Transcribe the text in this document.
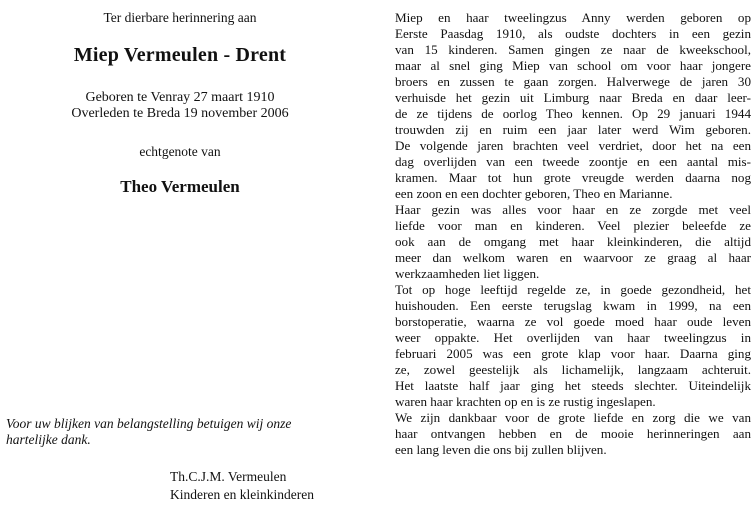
Ter dierbare herinnering aan
Miep Vermeulen - Drent
Geboren te Venray 27 maart 1910
Overleden te Breda 19 november 2006
echtgenote van
Theo Vermeulen
Voor uw blijken van belangstelling betuigen wij onze
hartelijke dank.
Th.C.J.M. Vermeulen
Kinderen en kleinkinderen

Miep en haar tweelingzus Anny werden geboren op
Eerste Paasdag 1910, als oudste dochters in een gezin
van 15 kinderen. Samen gingen ze naar de kweekschool,
maar al snel ging Miep van school om voor haar jongere
broers en zussen te gaan zorgen. Halverwege de jaren 30
verhuisde het gezin uit Limburg naar Breda en daar leer-
de ze tijdens de oorlog Theo kennen. Op 29 januari 1944
trouwden zij en ruim een jaar later werd Wim geboren.
De volgende jaren brachten veel verdriet, door het na een
dag overlijden van een tweede zoontje en een aantal mis-
kramen. Maar tot hun grote vreugde werden daarna nog
een zoon en een dochter geboren, Theo en Marianne.
Haar gezin was alles voor haar en ze zorgde met veel
liefde voor man en kinderen. Veel plezier beleefde ze
ook aan de omgang met haar kleinkinderen, die altijd
meer dan welkom waren en waarvoor ze graag al haar
werkzaamheden liet liggen.
Tot op hoge leeftijd regelde ze, in goede gezondheid, het
huishouden. Een eerste terugslag kwam in 1999, na een
borstoperatie, waarna ze vol goede moed haar oude leven
weer oppakte. Het overlijden van haar tweelingzus in
februari 2005 was een grote klap voor haar. Daarna ging
ze, zowel geestelijk als lichamelijk, langzaam achteruit.
Het laatste half jaar ging het steeds slechter. Uiteindelijk
waren haar krachten op en is ze rustig ingeslapen.
We zijn dankbaar voor de grote liefde en zorg die we van
haar ontvangen hebben en de mooie herinneringen aan
een lang leven die ons bij zullen blijven.
